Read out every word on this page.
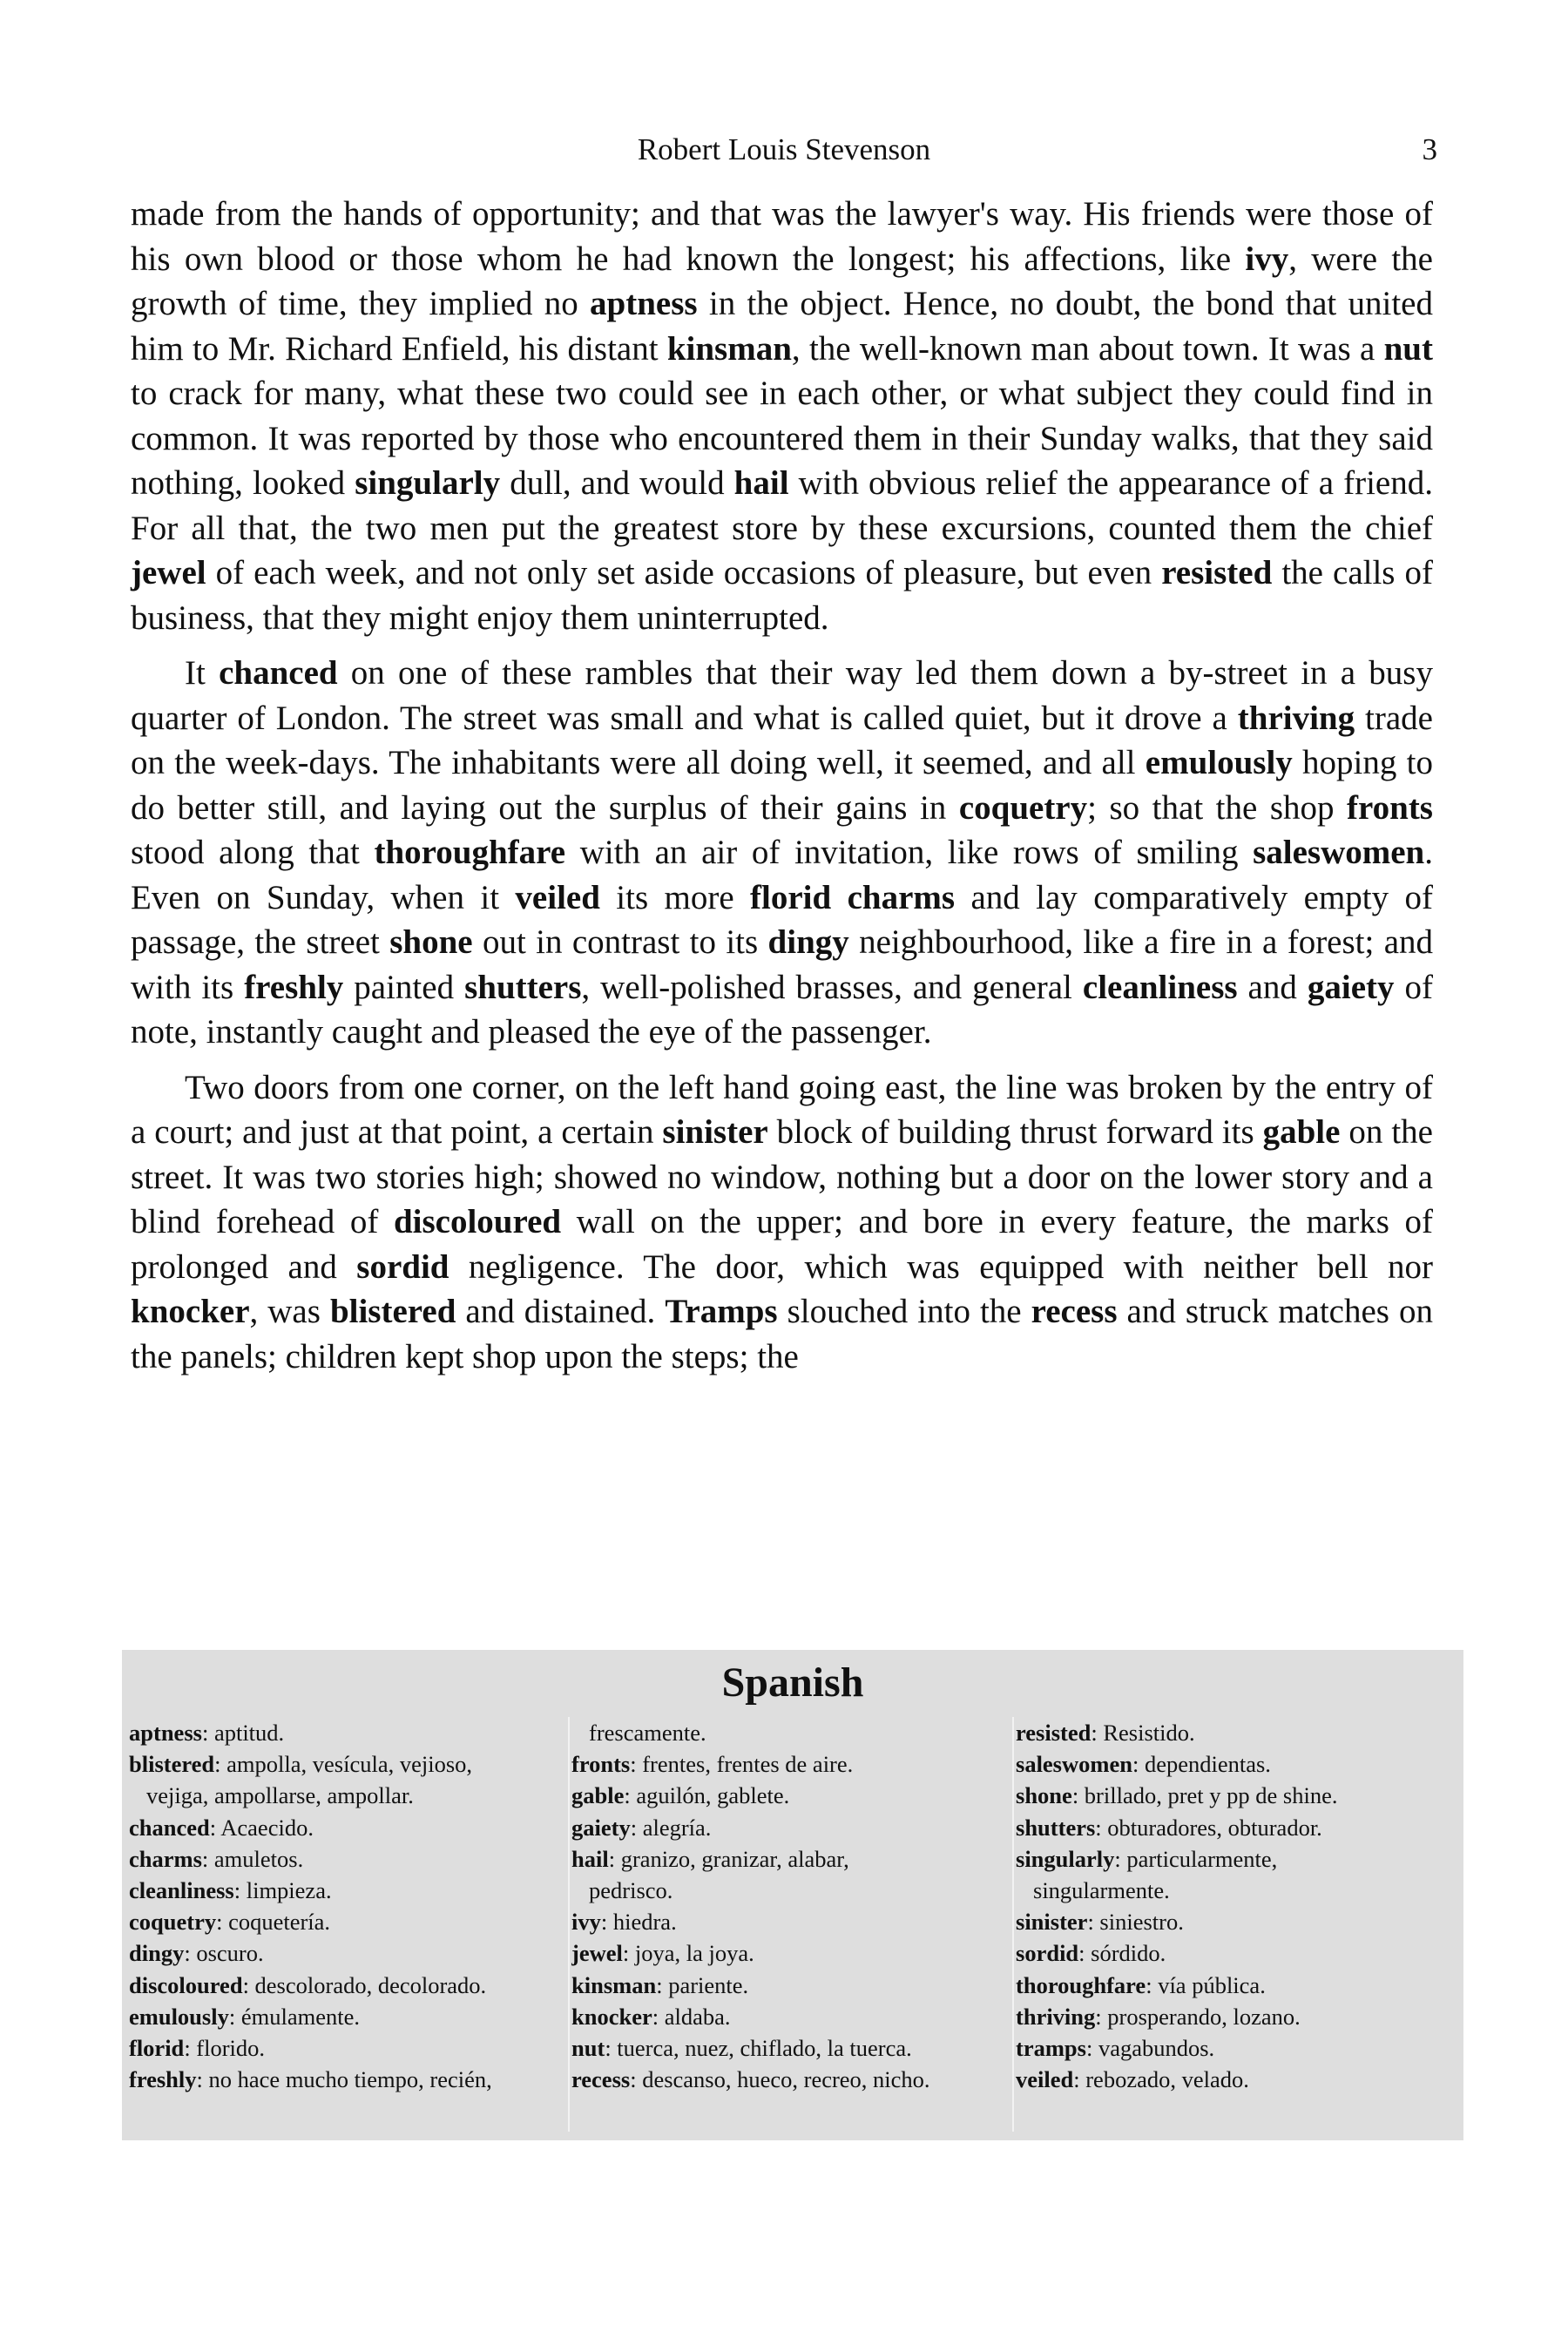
Robert Louis Stevenson	3

made from the hands of opportunity; and that was the lawyer's way. His friends were those of his own blood or those whom he had known the longest; his affections, like ivy, were the growth of time, they implied no aptness in the object. Hence, no doubt, the bond that united him to Mr. Richard Enfield, his distant kinsman, the well-known man about town. It was a nut to crack for many, what these two could see in each other, or what subject they could find in common. It was reported by those who encountered them in their Sunday walks, that they said nothing, looked singularly dull, and would hail with obvious relief the appearance of a friend. For all that, the two men put the greatest store by these excursions, counted them the chief jewel of each week, and not only set aside occasions of pleasure, but even resisted the calls of business, that they might enjoy them uninterrupted.

It chanced on one of these rambles that their way led them down a by-street in a busy quarter of London. The street was small and what is called quiet, but it drove a thriving trade on the week-days. The inhabitants were all doing well, it seemed, and all emulously hoping to do better still, and laying out the surplus of their gains in coquetry; so that the shop fronts stood along that thoroughfare with an air of invitation, like rows of smiling saleswomen. Even on Sunday, when it veiled its more florid charms and lay comparatively empty of passage, the street shone out in contrast to its dingy neighbourhood, like a fire in a forest; and with its freshly painted shutters, well-polished brasses, and general cleanliness and gaiety of note, instantly caught and pleased the eye of the passenger.

Two doors from one corner, on the left hand going east, the line was broken by the entry of a court; and just at that point, a certain sinister block of building thrust forward its gable on the street. It was two stories high; showed no window, nothing but a door on the lower story and a blind forehead of discoloured wall on the upper; and bore in every feature, the marks of prolonged and sordid negligence. The door, which was equipped with neither bell nor knocker, was blistered and distained. Tramps slouched into the recess and struck matches on the panels; children kept shop upon the steps; the

Spanish
aptness: aptitud.
blistered: ampolla, vesícula, vejioso,
vejiga, ampollarse, ampollar.
chanced: Acaecido.
charms: amuletos.
cleanliness: limpieza.
coquetry: coquetería.
dingy: oscuro.
discoloured: descolorado, decolorado.
emulously: émulamente.
florid: florido.
freshly: no hace mucho tiempo, recién,
frescamente.
fronts: frentes, frentes de aire.
gable: aguilón, gablete.
gaiety: alegría.
hail: granizo, granizar, alabar,
pedrisco.
ivy: hiedra.
jewel: joya, la joya.
kinsman: pariente.
knocker: aldaba.
nut: tuerca, nuez, chiflado, la tuerca.
recess: descanso, hueco, recreo, nicho.
resisted: Resistido.
saleswomen: dependientas.
shone: brillado, pret y pp de shine.
shutters: obturadores, obturador.
singularly: particularmente,
singularmente.
sinister: siniestro.
sordid: sórdido.
thoroughfare: vía pública.
thriving: prosperando, lozano.
tramps: vagabundos.
veiled: rebozado, velado.
